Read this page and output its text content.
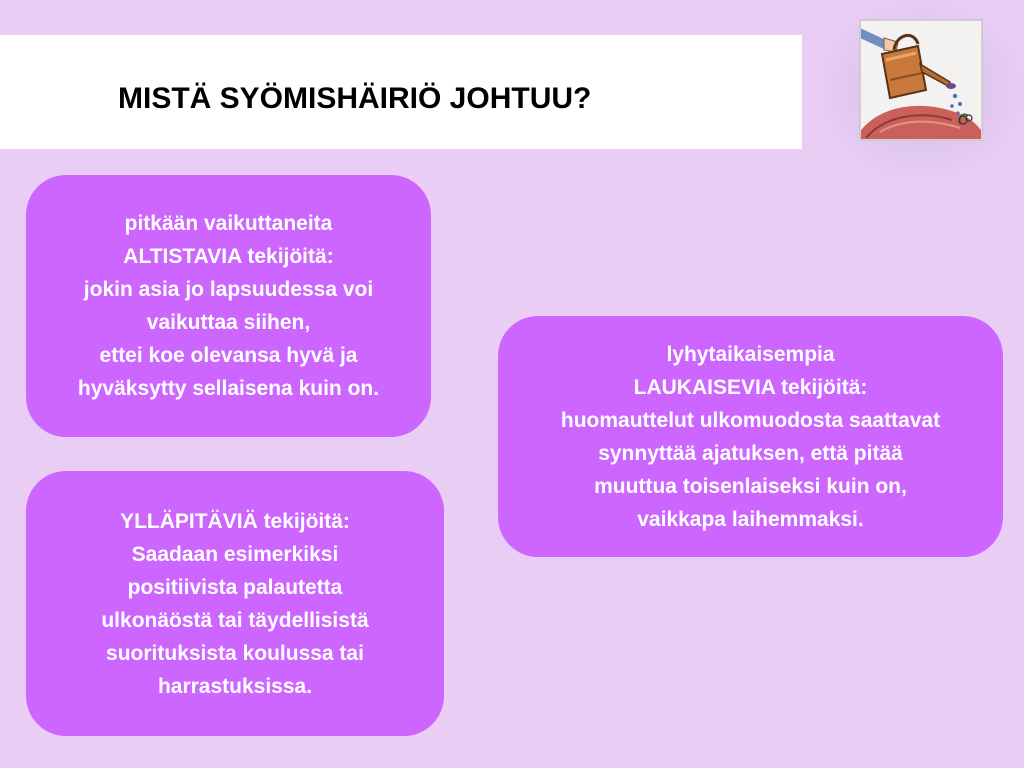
MISTÄ SYÖMISHÄIRIÖ JOHTUU?
pitkään vaikuttaneita
ALTISTAVIA tekijöitä:
jokin asia jo lapsuudessa voi
vaikuttaa siihen,
ettei koe olevansa hyvä ja
hyväksytty sellaisena kuin on.
YLLÄPITÄVIÄ tekijöitä:
Saadaan esimerkiksi
positiivista palautetta
ulkonäöstä tai täydellisistä
suorituksista koulussa tai
harrastuksissa.
lyhytaikaisempia
LAUKAISEVIA tekijöitä:
huomauttelut ulkomuodosta saattavat
synnyttää ajatuksen, että pitää
muuttua toisenlaiseksi kuin on,
vaikkapa laihemmaksi.
